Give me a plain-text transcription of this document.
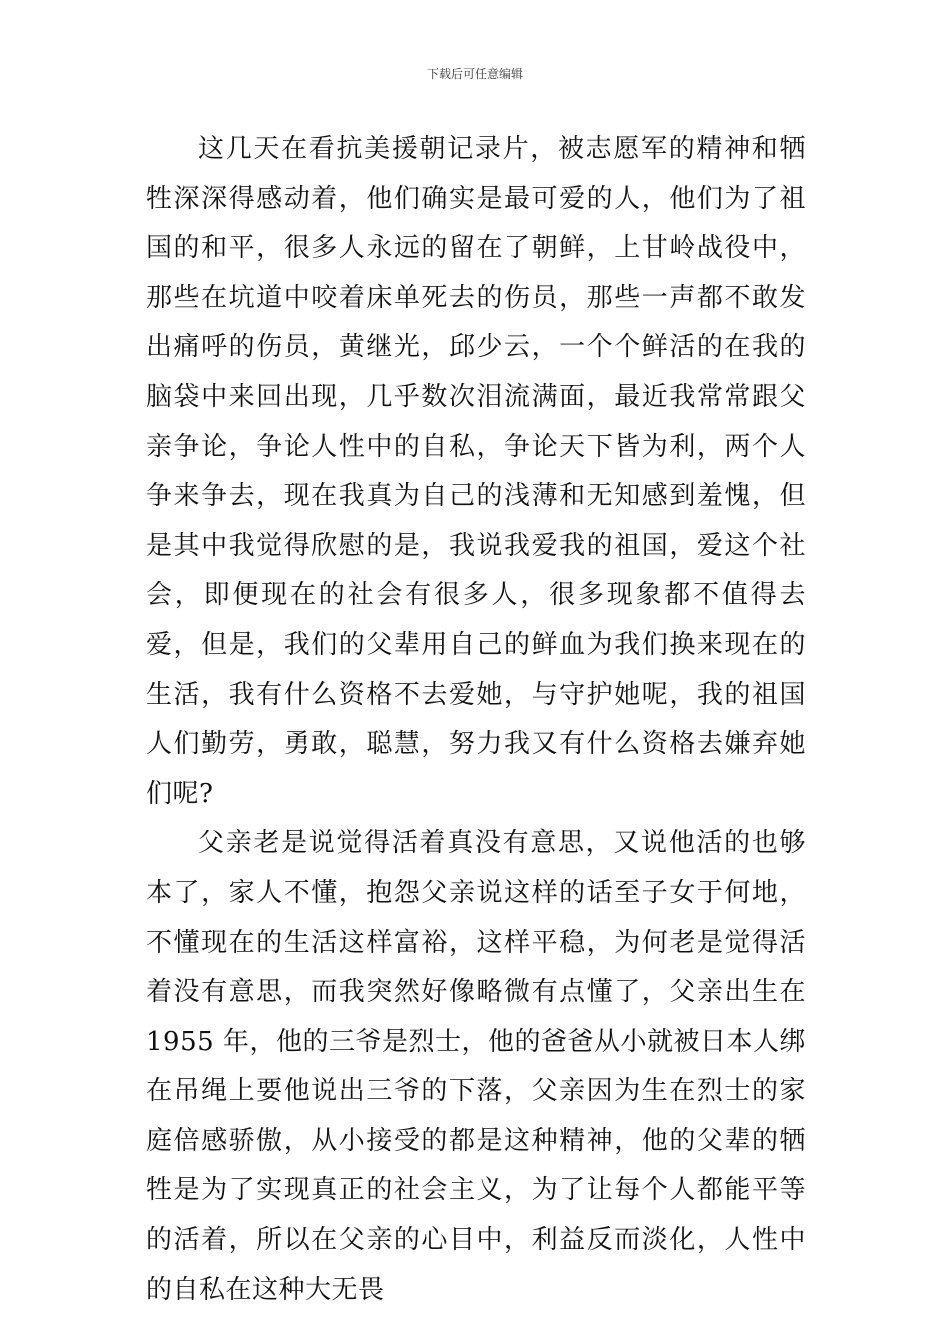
下载后可任意编辑

这几天在看抗美援朝记录片，被志愿军的精神和牺牲深深得感动着，他们确实是最可爱的人，他们为了祖国的和平，很多人永远的留在了朝鲜，上甘岭战役中，那些在坑道中咬着床单死去的伤员，那些一声都不敢发出痛呼的伤员，黄继光，邱少云，一个个鲜活的在我的脑袋中来回出现，几乎数次泪流满面，最近我常常跟父亲争论，争论人性中的自私，争论天下皆为利，两个人争来争去，现在我真为自己的浅薄和无知感到羞愧，但是其中我觉得欣慰的是，我说我爱我的祖国，爱这个社会，即便现在的社会有很多人，很多现象都不值得去爱，但是，我们的父辈用自己的鲜血为我们换来现在的生活，我有什么资格不去爱她，与守护她呢，我的祖国人们勤劳，勇敢，聪慧，努力我又有什么资格去嫌弃她们呢?

父亲老是说觉得活着真没有意思，又说他活的也够本了，家人不懂，抱怨父亲说这样的话至子女于何地，不懂现在的生活这样富裕，这样平稳，为何老是觉得活着没有意思，而我突然好像略微有点懂了，父亲出生在 1955 年，他的三爷是烈士，他的爸爸从小就被日本人绑在吊绳上要他说出三爷的下落，父亲因为生在烈士的家庭倍感骄傲，从小接受的都是这种精神，他的父辈的牺牲是为了实现真正的社会主义，为了让每个人都能平等的活着，所以在父亲的心目中，利益反而淡化，人性中的自私在这种大无畏
